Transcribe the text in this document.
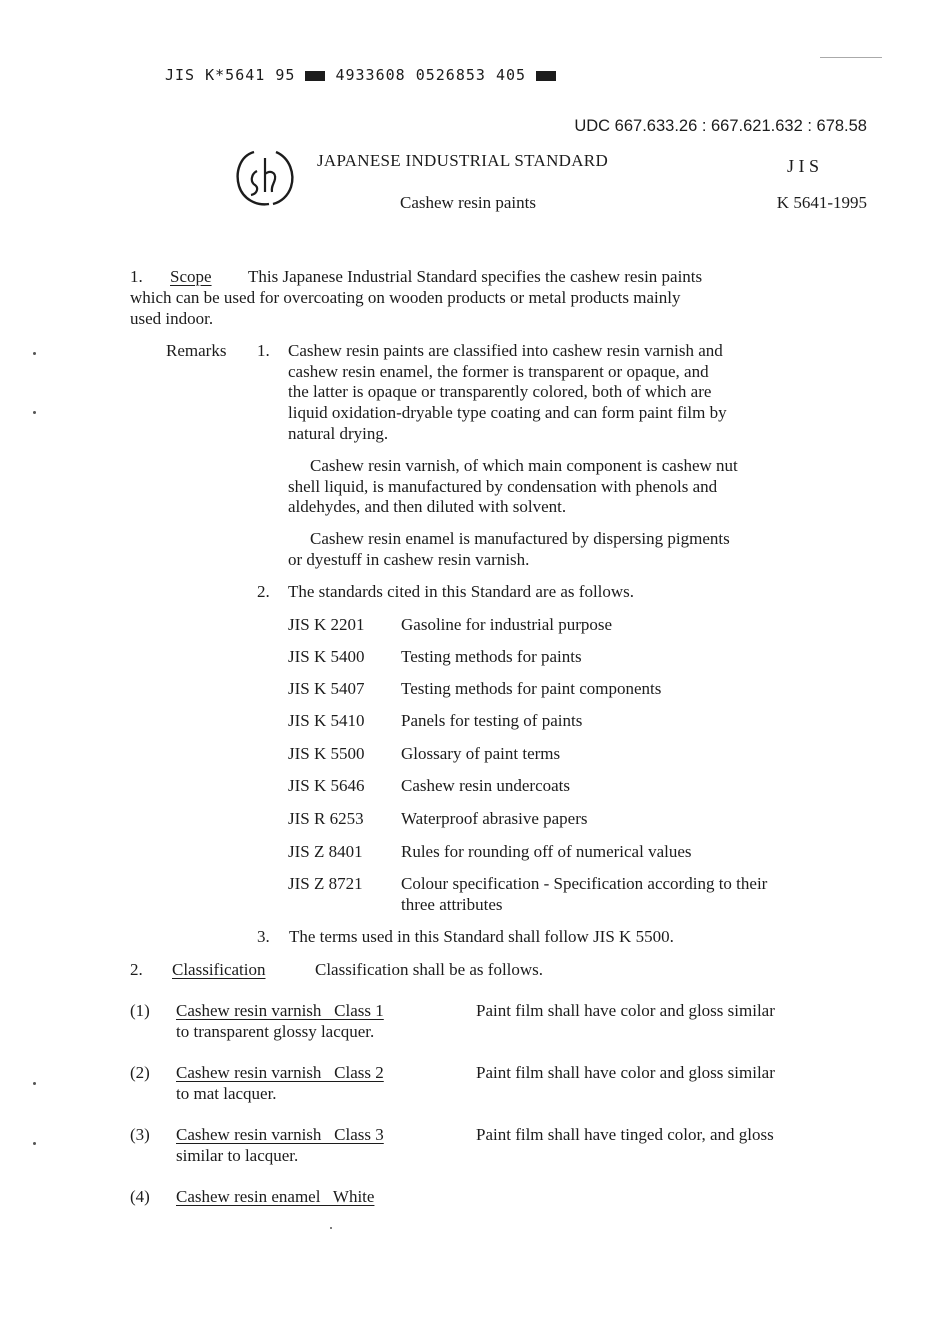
JIS K*5641 95	4933608 0526853 405
UDC 667.633.26 : 667.621.632 : 678.58
JAPANESE INDUSTRIAL STANDARD	J I S
Cashew resin paints	K 5641-1995
1. Scope This Japanese Industrial Standard specifies the cashew resin paints
which can be used for overcoating on wooden products or metal products mainly
used indoor.
Remarks 1. Cashew resin paints are classified into cashew resin varnish and
cashew resin enamel, the former is transparent or opaque, and
the latter is opaque or transparently colored, both of which are
liquid oxidation-dryable type coating and can form paint film by
natural drying.
Cashew resin varnish, of which main component is cashew nut
shell liquid, is manufactured by condensation with phenols and
aldehydes, and then diluted with solvent.
Cashew resin enamel is manufactured by dispersing pigments
or dyestuff in cashew resin varnish.
2. The standards cited in this Standard are as follows.
JIS K 2201 Gasoline for industrial purpose
JIS K 5400 Testing methods for paints
JIS K 5407 Testing methods for paint components
JIS K 5410 Panels for testing of paints
JIS K 5500 Glossary of paint terms
JIS K 5646 Cashew resin undercoats
JIS R 6253 Waterproof abrasive papers
JIS Z 8401 Rules for rounding off of numerical values
JIS Z 8721 Colour specification - Specification according to their
three attributes
3. The terms used in this Standard shall follow JIS K 5500.
2. Classification	Classification shall be as follows.
(1) Cashew resin varnish   Class 1	Paint film shall have color and gloss similar
to transparent glossy lacquer.
(2) Cashew resin varnish   Class 2	Paint film shall have color and gloss similar
to mat lacquer.
(3) Cashew resin varnish   Class 3	Paint film shall have tinged color, and gloss
similar to lacquer.
(4) Cashew resin enamel   White
